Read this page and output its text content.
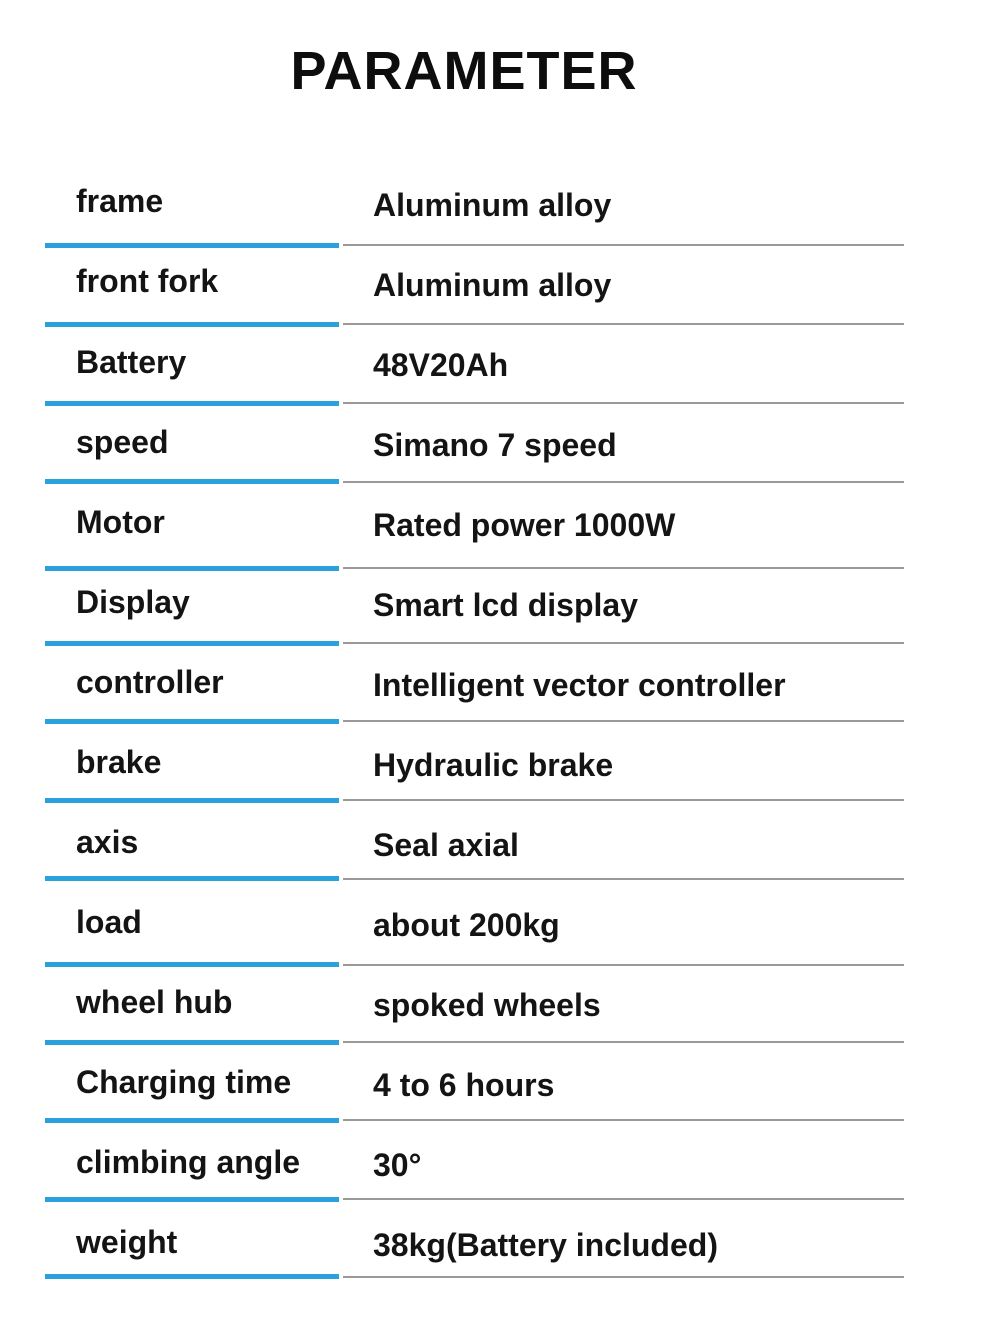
PARAMETER
frame	Aluminum alloy
front fork	Aluminum alloy
Battery	48V20Ah
speed	Simano 7 speed
Motor	Rated power 1000W
Display	Smart lcd display
controller	Intelligent vector controller
brake	Hydraulic brake
axis	Seal axial
load	about 200kg
wheel hub	spoked wheels
Charging time	4 to 6 hours
climbing angle 30°
weight	38kg(Battery included)
